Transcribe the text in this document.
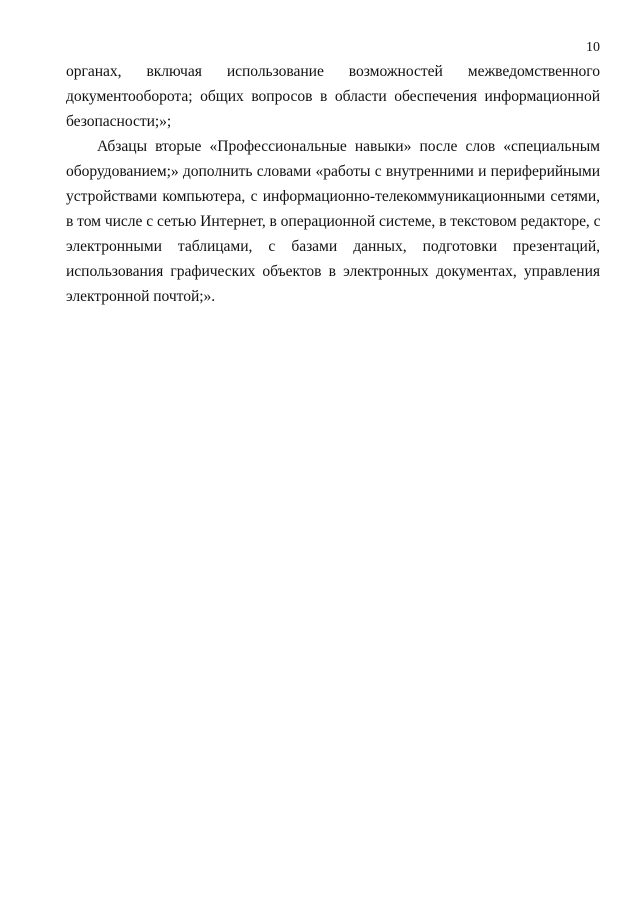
10
органах, включая использование возможностей межведомственного
документооборота; общих вопросов в области обеспечения информационной
безопасности;»;
Абзацы вторые «Профессиональные навыки» после слов «специальным
оборудованием;» дополнить словами «работы с внутренними и периферийными
устройствами компьютера, с информационно-телекоммуникационными сетями,
в том числе с сетью Интернет, в операционной системе, в текстовом редакторе, с
электронными таблицами, с базами данных, подготовки презентаций,
использования графических объектов в электронных документах, управления
электронной почтой;».
